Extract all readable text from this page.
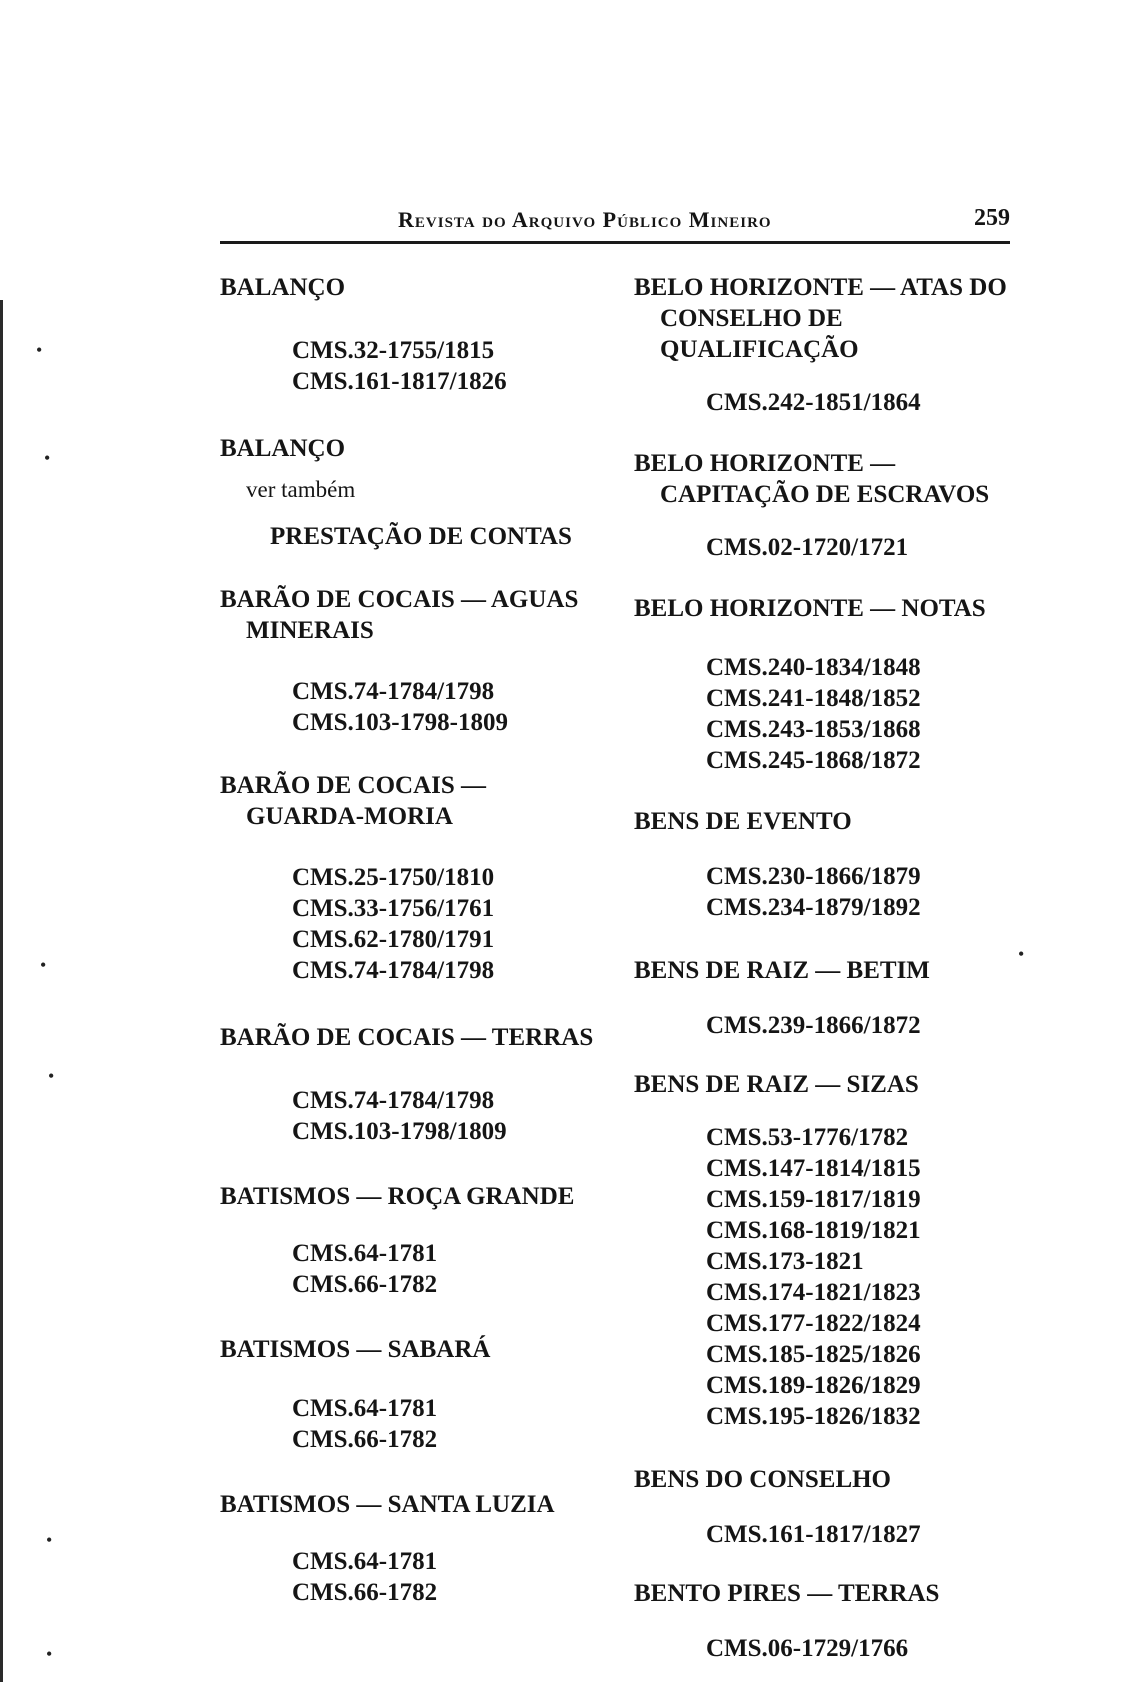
•
•
•
•
•
•
•
Revista do Arquivo Público Mineiro	259
BALANÇO
CMS.32-1755/1815
CMS.161-1817/1826
BALANÇO
ver também
PRESTAÇÃO DE CONTAS
BARÃO DE COCAIS — AGUAS MINERAIS
CMS.74-1784/1798
CMS.103-1798-1809
BARÃO DE COCAIS — GUARDA-MORIA
CMS.25-1750/1810
CMS.33-1756/1761
CMS.62-1780/1791
CMS.74-1784/1798
BARÃO DE COCAIS — TERRAS
CMS.74-1784/1798
CMS.103-1798/1809
BATISMOS — ROÇA GRANDE
CMS.64-1781
CMS.66-1782
BATISMOS — SABARÁ
CMS.64-1781
CMS.66-1782
BATISMOS — SANTA LUZIA
CMS.64-1781
CMS.66-1782
BELO HORIZONTE — ATAS DO CONSELHO DE QUALIFICAÇÃO
CMS.242-1851/1864
BELO HORIZONTE — CAPITAÇÃO DE ESCRAVOS
CMS.02-1720/1721
BELO HORIZONTE — NOTAS
CMS.240-1834/1848
CMS.241-1848/1852
CMS.243-1853/1868
CMS.245-1868/1872
BENS DE EVENTO
CMS.230-1866/1879
CMS.234-1879/1892
BENS DE RAIZ — BETIM
CMS.239-1866/1872
BENS DE RAIZ — SIZAS
CMS.53-1776/1782
CMS.147-1814/1815
CMS.159-1817/1819
CMS.168-1819/1821
CMS.173-1821
CMS.174-1821/1823
CMS.177-1822/1824
CMS.185-1825/1826
CMS.189-1826/1829
CMS.195-1826/1832
BENS DO CONSELHO
CMS.161-1817/1827
BENTO PIRES — TERRAS
CMS.06-1729/1766
